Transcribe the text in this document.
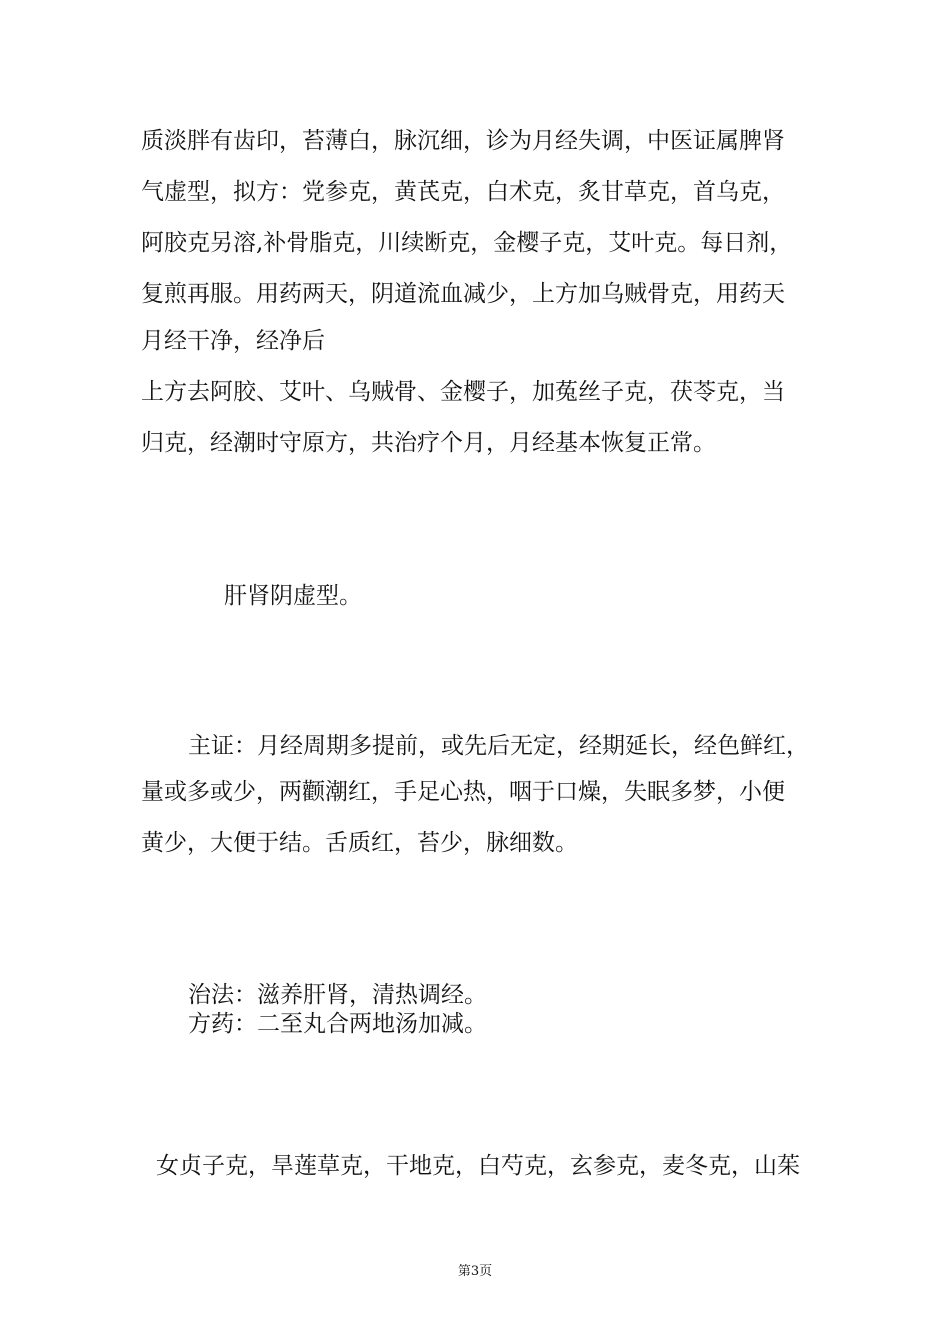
质淡胖有齿印，苔薄白，脉沉细，诊为月经失调，中医证属脾肾
气虚型，拟方：党参克，黄芪克，白术克，炙甘草克，首乌克，
阿胶克另溶,补骨脂克，川续断克，金樱子克，艾叶克。每日剂，
复煎再服。用药两天，阴道流血减少，上方加乌贼骨克，用药天
月经干净，经净后
上方去阿胶、艾叶、乌贼骨、金樱子，加菟丝子克，茯苓克，当
归克，经潮时守原方，共治疗个月，月经基本恢复正常。
肝肾阴虚型。
主证：月经周期多提前，或先后无定，经期延长，经色鲜红，
量或多或少，两颧潮红，手足心热，咽于口燥，失眠多梦，小便
黄少，大便于结。舌质红，苔少，脉细数。
治法：滋养肝肾，清热调经。
方药：二至丸合两地汤加减。
女贞子克，旱莲草克，干地克，白芍克，玄参克，麦冬克，山茱
第3页
